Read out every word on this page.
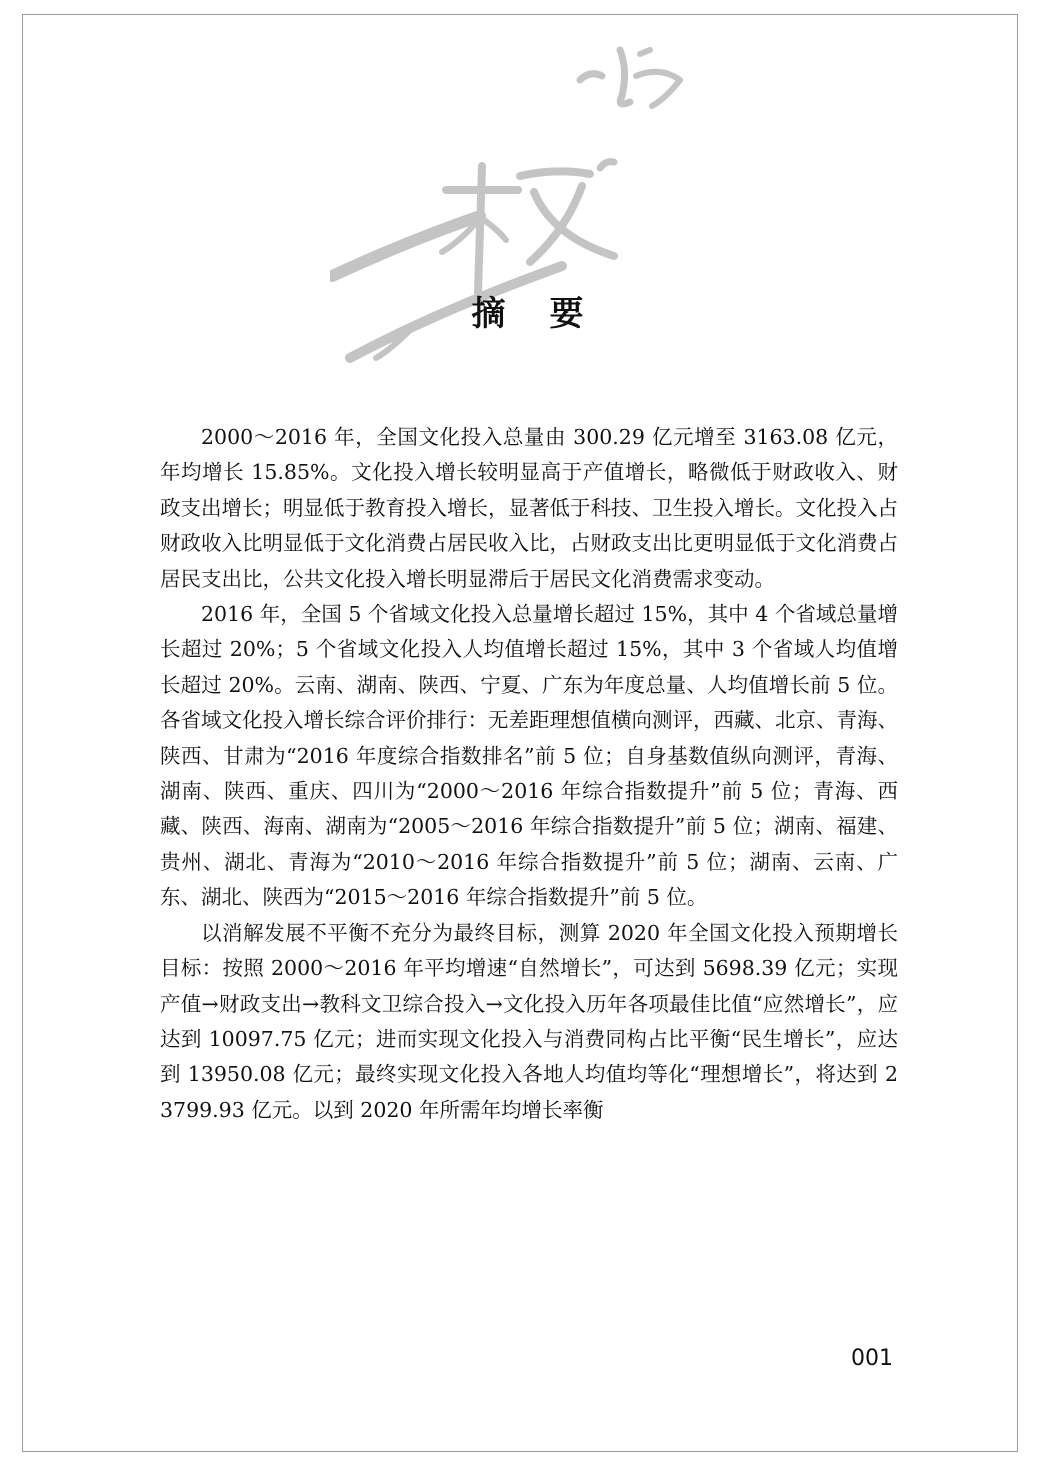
摘 要

2000～2016 年，全国文化投入总量由 300.29 亿元增至 3163.08 亿元，年均增长 15.85%。文化投入增长较明显高于产值增长，略微低于财政收入、财政支出增长；明显低于教育投入增长，显著低于科技、卫生投入增长。文化投入占财政收入比明显低于文化消费占居民收入比，占财政支出比更明显低于文化消费占居民支出比，公共文化投入增长明显滞后于居民文化消费需求变动。

2016 年，全国 5 个省域文化投入总量增长超过 15%，其中 4 个省域总量增长超过 20%；5 个省域文化投入人均值增长超过 15%，其中 3 个省域人均值增长超过 20%。云南、湖南、陕西、宁夏、广东为年度总量、人均值增长前 5 位。各省域文化投入增长综合评价排行：无差距理想值横向测评，西藏、北京、青海、陕西、甘肃为“2016 年度综合指数排名”前 5 位；自身基数值纵向测评，青海、湖南、陕西、重庆、四川为“2000～2016 年综合指数提升”前 5 位；青海、西藏、陕西、海南、湖南为“2005～2016 年综合指数提升”前 5 位；湖南、福建、贵州、湖北、青海为“2010～2016 年综合指数提升”前 5 位；湖南、云南、广东、湖北、陕西为“2015～2016 年综合指数提升”前 5 位。

以消解发展不平衡不充分为最终目标，测算 2020 年全国文化投入预期增长目标：按照 2000～2016 年平均增速“自然增长”，可达到 5698.39 亿元；实现产值→财政支出→教科文卫综合投入→文化投入历年各项最佳比值“应然增长”，应达到 10097.75 亿元；进而实现文化投入与消费同构占比平衡“民生增长”，应达到 13950.08 亿元；最终实现文化投入各地人均值均等化“理想增长”，将达到 23799.93 亿元。以到 2020 年所需年均增长率衡

001
